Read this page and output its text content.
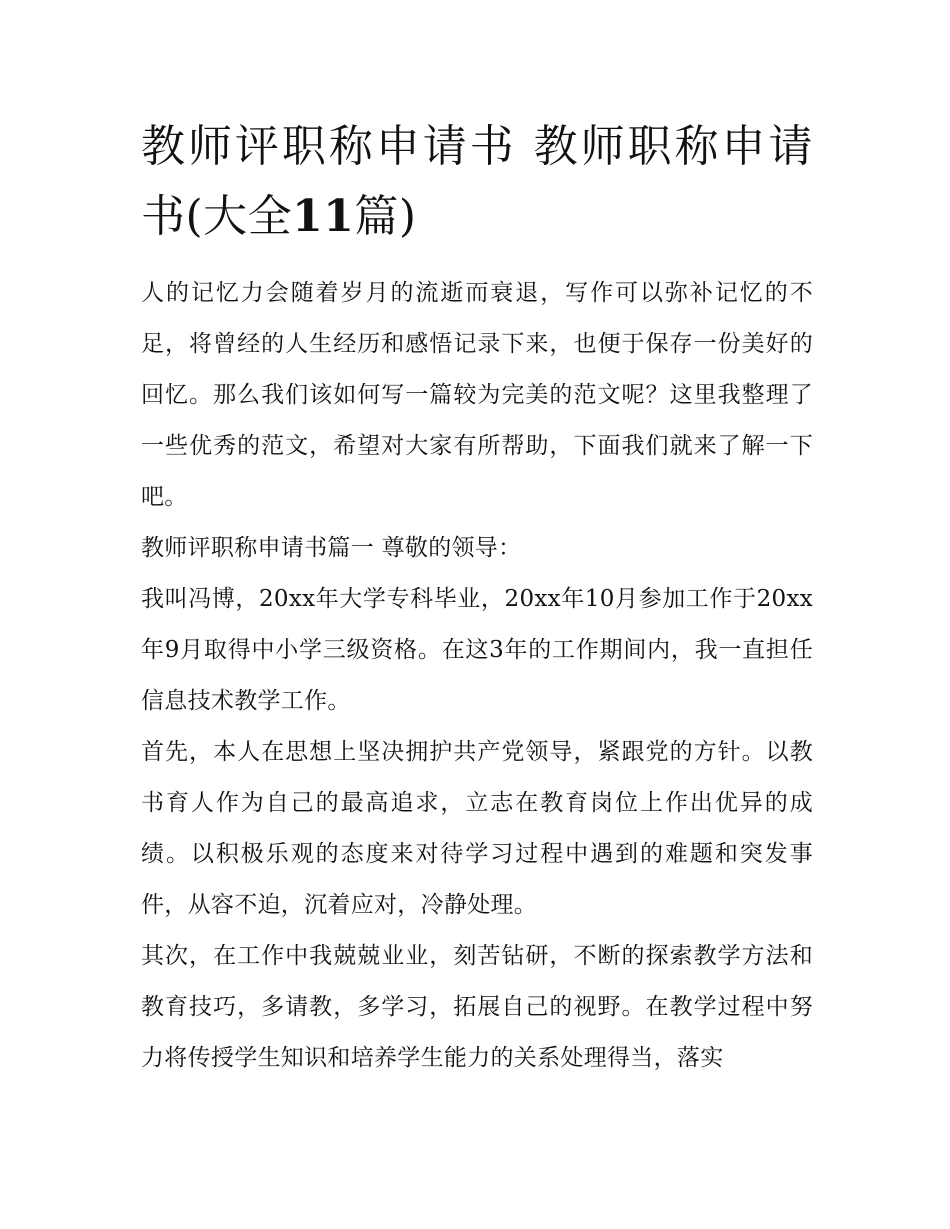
教师评职称申请书 教师职称申请书(大全11篇)

人的记忆力会随着岁月的流逝而衰退，写作可以弥补记忆的不足，将曾经的人生经历和感悟记录下来，也便于保存一份美好的回忆。那么我们该如何写一篇较为完美的范文呢？这里我整理了一些优秀的范文，希望对大家有所帮助，下面我们就来了解一下吧。

教师评职称申请书篇一 尊敬的领导：

我叫冯博，20xx年大学专科毕业，20xx年10月参加工作于20xx年9月取得中小学三级资格。在这3年的工作期间内，我一直担任信息技术教学工作。

首先，本人在思想上坚决拥护共产党领导，紧跟党的方针。以教书育人作为自己的最高追求，立志在教育岗位上作出优异的成绩。以积极乐观的态度来对待学习过程中遇到的难题和突发事件，从容不迫，沉着应对，冷静处理。

其次，在工作中我兢兢业业，刻苦钻研，不断的探索教学方法和教育技巧，多请教，多学习，拓展自己的视野。在教学过程中努力将传授学生知识和培养学生能力的关系处理得当，落实
